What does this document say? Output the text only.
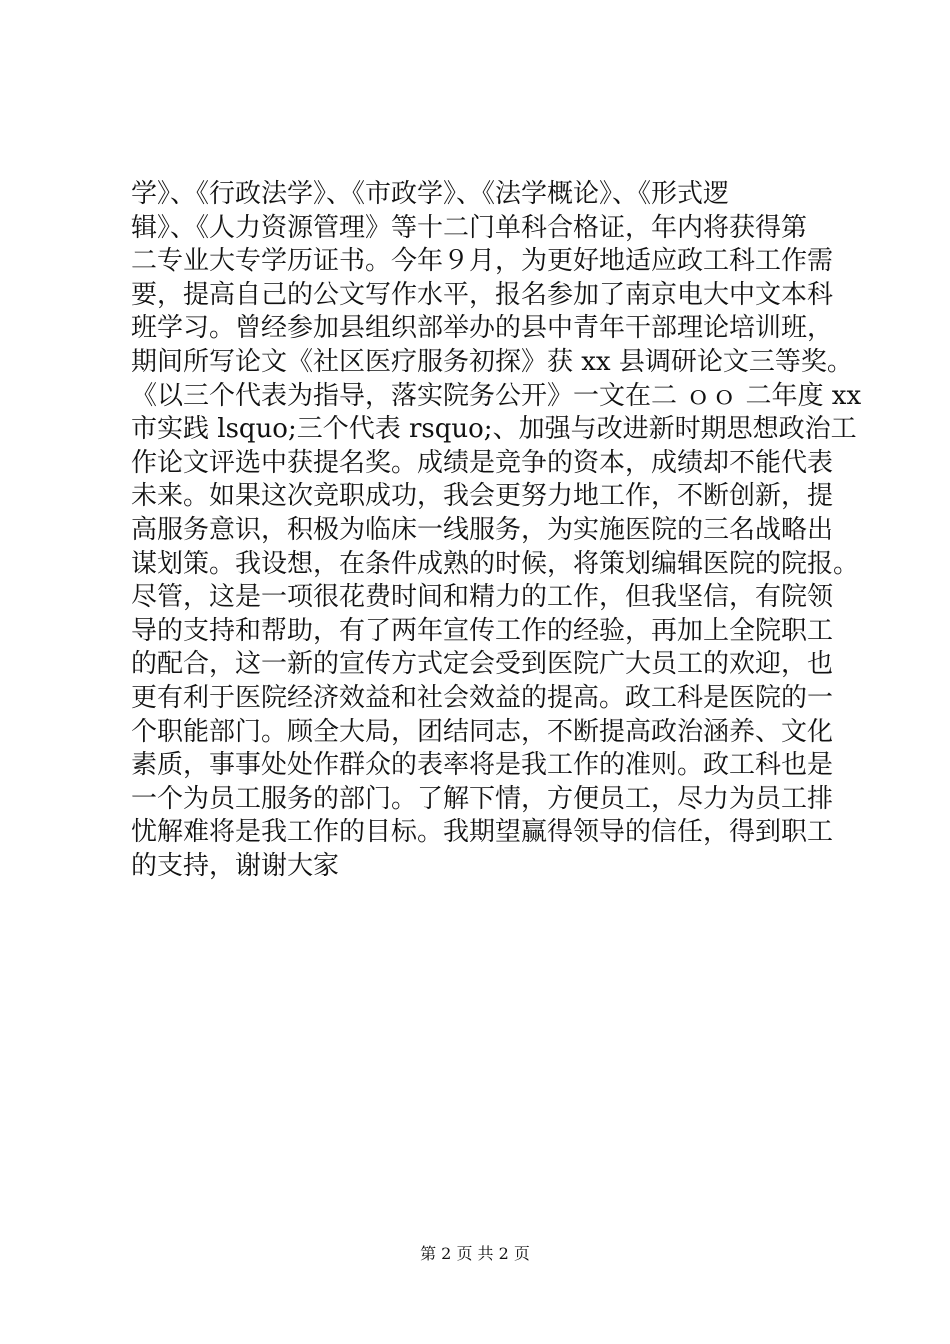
学》、《行政法学》、《市政学》、《法学概论》、《形式逻
辑》、《人力资源管理》等十二门单科合格证，年内将获得第
二专业大专学历证书。今年９月，为更好地适应政工科工作需
要，提高自己的公文写作水平，报名参加了南京电大中文本科
班学习。曾经参加县组织部举办的县中青年干部理论培训班，
期间所写论文《社区医疗服务初探》获 xx 县调研论文三等奖。
《以三个代表为指导，落实院务公开》一文在二 ｏｏ 二年度 xx
市实践 lsquo;三个代表 rsquo;、加强与改进新时期思想政治工
作论文评选中获提名奖。成绩是竞争的资本，成绩却不能代表
未来。如果这次竞职成功，我会更努力地工作，不断创新，提
高服务意识，积极为临床一线服务，为实施医院的三名战略出
谋划策。我设想，在条件成熟的时候，将策划编辑医院的院报。
尽管，这是一项很花费时间和精力的工作，但我坚信，有院领
导的支持和帮助，有了两年宣传工作的经验，再加上全院职工
的配合，这一新的宣传方式定会受到医院广大员工的欢迎，也
更有利于医院经济效益和社会效益的提高。政工科是医院的一
个职能部门。顾全大局，团结同志，不断提高政治涵养、文化
素质，事事处处作群众的表率将是我工作的准则。政工科也是
一个为员工服务的部门。了解下情，方便员工，尽力为员工排
忧解难将是我工作的目标。我期望赢得领导的信任，得到职工
的支持，谢谢大家
第 2 页 共 2 页
